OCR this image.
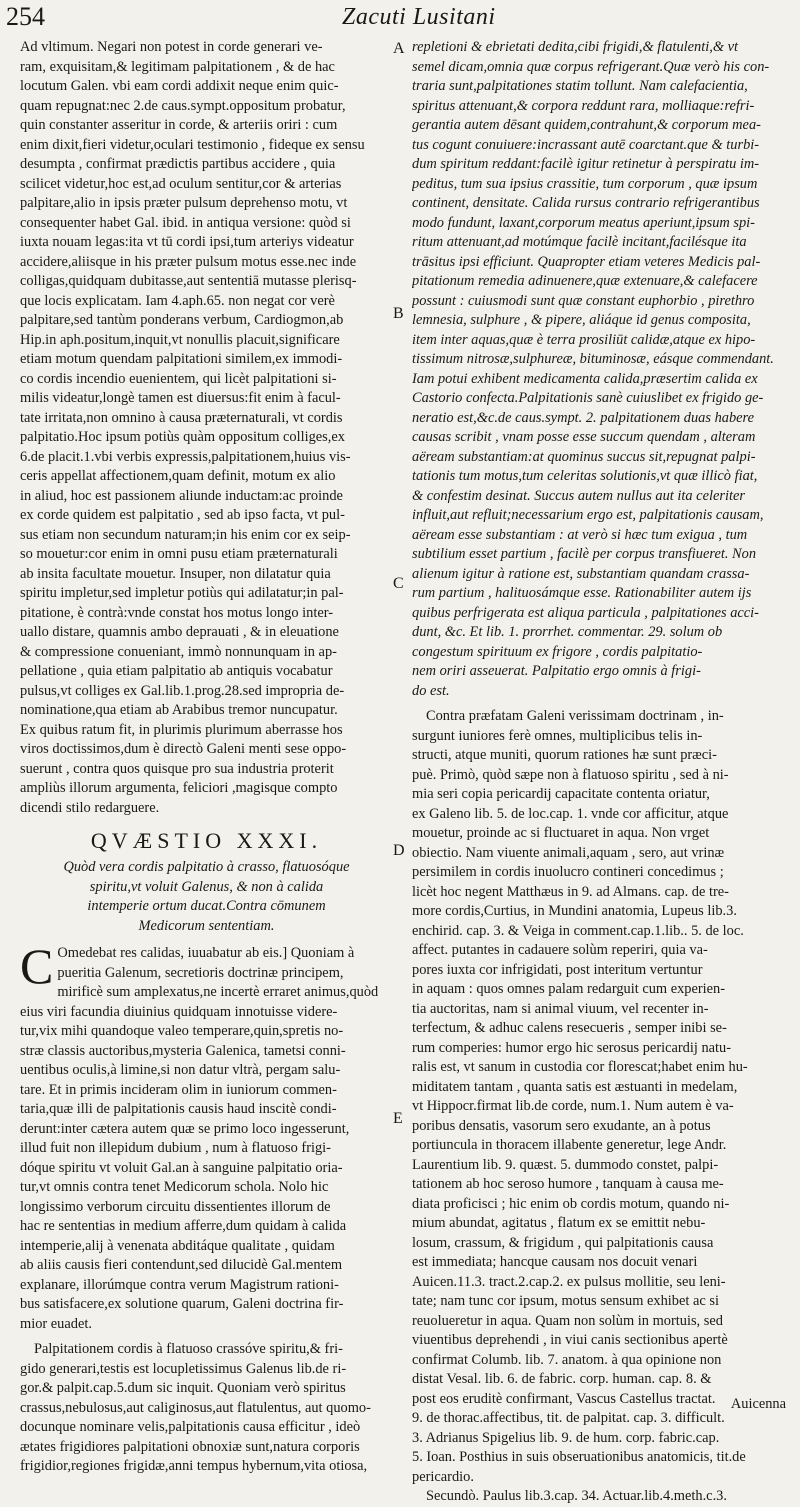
254	Zacuti Lusitani
A
B
C
D
E
Ad vltimum. Negari non potest in corde generari ve-
ram, exquisitam,& legitimam palpitationem , & de hac
locutum Galen. vbi eam cordi addixit neque enim quic-
quam repugnat:nec 2.de caus.sympt.oppositum probatur,
quin constanter asseritur in corde, & arteriis oriri : cum
enim dixit,fieri videtur,oculari testimonio , fideque ex sensu
desumpta , confirmat prædictis partibus accidere , quia
scilicet videtur,hoc est,ad oculum sentitur,cor & arterias
palpitare,alio in ipsis præter pulsum deprehenso motu, vt
consequenter habet Gal. ibid. in antiqua versione: quòd si
iuxta nouam legas:ita vt tū cordi ipsi,tum arteriys videatur
accidere,aliisque in his præter pulsum motus esse.nec inde
colligas,quidquam dubitasse,aut sententiā mutasse plerisq-
que locis explicatam. Iam 4.aph.65. non negat cor verè
palpitare,sed tantùm ponderans verbum, Cardiogmon,ab
Hip.in aph.positum,inquit,vt nonullis placuit,significare
etiam motum quendam palpitationi similem,ex immodi-
co cordis incendio euenientem, qui licèt palpitationi si-
milis videatur,longè tamen est diuersus:fit enim à facul-
tate irritata,non omnino à causa præternaturali, vt cordis
palpitatio.Hoc ipsum potiùs quàm oppositum colliges,ex
6.de placit.1.vbi verbis expressis,palpitationem,huius vis-
ceris appellat affectionem,quam definit, motum ex alio
in aliud, hoc est passionem aliunde inductam:ac proinde
ex corde quidem est palpitatio , sed ab ipso facta, vt pul-
sus etiam non secundum naturam;in his enim cor ex seip-
so mouetur:cor enim in omni pusu etiam præternaturali
ab insita facultate mouetur. Insuper, non dilatatur quia
spiritu impletur,sed impletur potiùs qui adilatatur;in pal-
pitatione, è contrà:vnde constat hos motus longo inter-
uallo distare, quamnis ambo deprauati , & in eleuatione
& compressione conueniant, immò nonnunquam in ap-
pellatione , quia etiam palpitatio ab antiquis vocabatur
pulsus,vt colliges ex Gal.lib.1.prog.28.sed impropria de-
nominatione,qua etiam ab Arabibus tremor nuncupatur.
Ex quibus ratum fit, in plurimis plurimum aberrasse hos
viros doctissimos,dum è directò Galeni menti sese oppo-
suerunt , contra quos quisque pro sua industria proterit
ampliùs illorum argumenta, feliciori ,magisque compto
dicendi stilo redarguere.
QVÆSTIO XXXI.
Quòd vera cordis palpitatio à crasso, flatuosóque
spiritu,vt voluit Galenus, & non à calida
intemperie ortum ducat.Contra cōmunem
Medicorum sententiam.
C Omedebat res calidas, iuuabatur ab eis.] Quoniam à
pueritia Galenum, secretioris doctrinæ principem,
mirificè sum amplexatus,ne incertè erraret animus,quòd
eius viri facundia diuinius quidquam innotuisse videre-
tur,vix mihi quandoque valeo temperare,quin,spretis no-
stræ classis auctoribus,mysteria Galenica, tametsi conni-
uentibus oculis,à limine,si non datur vltrà, pergam salu-
tare. Et in primis incideram olim in iuniorum commen-
taria,quæ illi de palpitationis causis haud inscitè condi-
derunt:inter cætera autem quæ se primo loco ingesserunt,
illud fuit non illepidum dubium , num à flatuoso frigi-
dóque spiritu vt voluit Gal.an à sanguine palpitatio oria-
tur,vt omnis contra tenet Medicorum schola. Nolo hic
longissimo verborum circuitu dissentientes illorum de
hac re sententias in medium afferre,dum quidam à calida
intemperie,alij à venenata abditáque qualitate , quidam
ab aliis causis fieri contendunt,sed dilucidè Gal.mentem
explanare, illorúmque contra verum Magistrum rationi-
bus satisfacere,ex solutione quarum, Galeni doctrina fir-
mior euadet.
Palpitationem cordis à flatuoso crassóve spiritu,& fri-
gido generari,testis est locupletissimus Galenus lib.de ri-
gor.& palpit.cap.5.dum sic inquit. Quoniam verò spiritus
crassus,nebulosus,aut caliginosus,aut flatulentus, aut quomo-
docunque nominare velis,palpitationis causa efficitur , ideò
ætates frigidiores palpitationi obnoxiæ sunt,natura corporis
frigidior,regiones frigidæ,anni tempus hybernum,vita otiosa,
repletioni & ebrietati dedita,cibi frigidi,& flatulenti,& vt
semel dicam,omnia quæ corpus refrigerant.Quæ verò his con-
traria sunt,palpitationes statim tollunt. Nam calefacientia,
spiritus attenuant,& corpora reddunt rara, molliaque:refri-
gerantia autem dēsant quidem,contrahunt,& corporum mea-
tus cogunt conuiuere:incrassant autē coarctant.que & turbi-
dum spiritum reddant:facilè igitur retinetur à perspiratu im-
peditus, tum sua ipsius crassitie, tum corporum , quæ ipsum
continent, densitate. Calida rursus contrario refrigerantibus
modo fundunt, laxant,corporum meatus aperiunt,ipsum spi-
ritum attenuant,ad motúmque facilè incitant,facilésque ita
trāsitus ipsi efficiunt. Quapropter etiam veteres Medicis pal-
pitationum remedia adinuenere,quæ extenuare,& calefacere
possunt : cuiusmodi sunt quæ constant euphorbio , pirethro
lemnesia, sulphure , & pipere, aliáque id genus composita,
item inter aquas,quæ è terra prosiliūt calidæ,atque ex hipo-
tissimum nitrosæ,sulphureæ, bituminosæ, eásque commendant.
Iam potui exhibent medicamenta calida,præsertim calida ex
Castorio confecta.Palpitationis sanè cuiuslibet ex frigido ge-
neratio est,&c.de caus.sympt. 2. palpitationem duas habere
causas scribit , vnam posse esse succum quendam , alteram
aëream substantiam:at quominus succus sit,repugnat palpi-
tationis tum motus,tum celeritas solutionis,vt quæ illicò fiat,
& confestim desinat. Succus autem nullus aut ita celeriter
influit,aut refluit;necessarium ergo est, palpitationis causam,
aëream esse substantiam : at verò si hæc tum exigua , tum
subtilium esset partium , facilè per corpus transfiueret. Non
alienum igitur à ratione est, substantiam quandam crassa-
rum partium , halituosámque esse. Rationabiliter autem ijs
quibus perfrigerata est aliqua particula , palpitationes acci-
dunt, &c. Et lib. 1. prorrhet. commentar. 29. solum ob
congestum spirituum ex frigore , cordis palpitatio-
nem oriri asseuerat. Palpitatio ergo omnis à frigi-
do est.
Contra præfatam Galeni verissimam doctrinam , in-
surgunt iuniores ferè omnes, multiplicibus telis in-
structi, atque muniti, quorum rationes hæ sunt præci-
puè. Primò, quòd sæpe non à flatuoso spiritu , sed à ni-
mia seri copia pericardij capacitate contenta oriatur,
ex Galeno lib. 5. de loc.cap. 1. vnde cor afficitur, atque
mouetur, proinde ac si fluctuaret in aqua. Non vrget
obiectio. Nam viuente animali,aquam , sero, aut vrinæ
persimilem in cordis inuolucro contineri concedimus ;
licèt hoc negent Matthæus in 9. ad Almans. cap. de tre-
more cordis,Curtius, in Mundini anatomia, Lupeus lib.3.
enchirid. cap. 3. & Veiga in comment.cap.1.lib.. 5. de loc.
affect. putantes in cadauere solùm reperiri, quia va-
pores iuxta cor infrigidati, post interitum vertuntur
in aquam : quos omnes palam redarguit cum experien-
tia auctoritas, nam si animal viuum, vel recenter in-
terfectum, & adhuc calens resecueris , semper inibi se-
rum comperies: humor ergo hic serosus pericardij natu-
ralis est, vt sanum in custodia cor florescat;habet enim hu-
miditatem tantam , quanta satis est æstuanti in medelam,
vt Hippocr.firmat lib.de corde, num.1. Num autem è va-
poribus densatis, vasorum sero exudante, an à potus
portiuncula in thoracem illabente generetur, lege Andr.
Laurentium lib. 9. quæst. 5. dummodo constet, palpi-
tationem ab hoc seroso humore , tanquam à causa me-
diata proficisci ; hic enim ob cordis motum, quando ni-
mium abundat, agitatus , flatum ex se emittit nebu-
losum, crassum, & frigidum , qui palpitationis causa
est immediata; hancque causam nos docuit venari
Auicen.11.3. tract.2.cap.2. ex pulsus mollitie, seu leni-
tate; nam tunc cor ipsum, motus sensum exhibet ac si
reuolueretur in aqua. Quam non solùm in mortuis, sed
viuentibus deprehendi , in viui canis sectionibus apertè
confirmat Columb. lib. 7. anatom. à qua opinione non
distat Vesal. lib. 6. de fabric. corp. human. cap. 8. &
post eos eruditè confirmant, Vascus Castellus tractat.
9. de thorac.affectibus, tit. de palpitat. cap. 3. difficult.
3. Adrianus Spigelius lib. 9. de hum. corp. fabric.cap.
5. Ioan. Posthius in suis obseruationibus anatomicis, tit.de
pericardio.
Secundò. Paulus lib.3.cap. 34. Actuar.lib.4.meth.c.3.
Auicenna
